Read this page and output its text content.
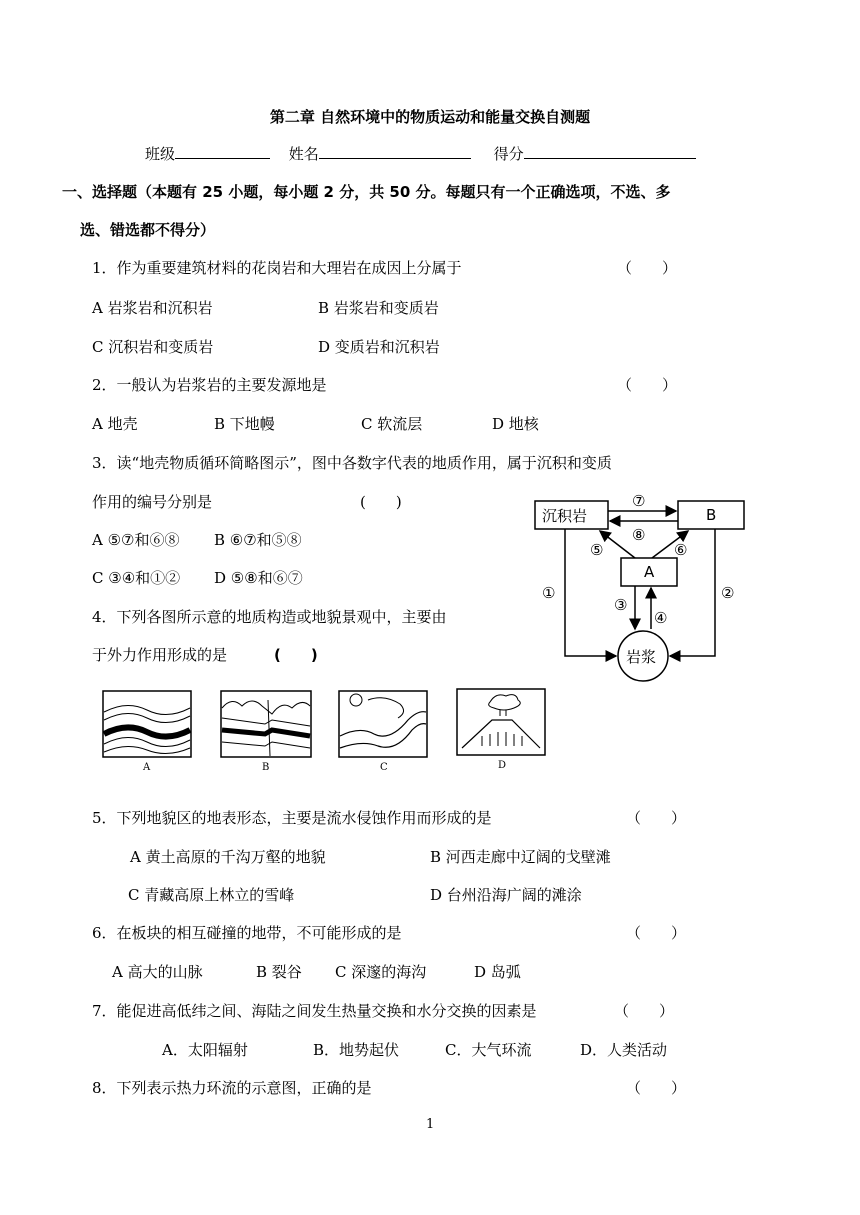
第二章 自然环境中的物质运动和能量交换自测题
班级	姓名	得分
一、选择题（本题有 25 小题，每小题 2 分，共 50 分。每题只有一个正确选项，不选、多
选、错选都不得分）
1．作为重要建筑材料的花岗岩和大理岩在成因上分属于	（　　）
A 岩浆岩和沉积岩	B 岩浆岩和变质岩
C 沉积岩和变质岩	D 变质岩和沉积岩
2．一般认为岩浆岩的主要发源地是	（　　）
A 地壳	B 下地幔	C 软流层	D 地核
3．读“地壳物质循环简略图示”，图中各数字代表的地质作用，属于沉积和变质
作用的编号分别是	(　　)
A ⑤⑦和⑥⑧ B ⑥⑦和⑤⑧
C ③④和①② D ⑤⑧和⑥⑦
沉积岩	B
A
岩浆
⑦
⑧
⑤	⑥
①	②
③
④
4．下列各图所示意的地质构造或地貌景观中，主要由
于外力作用形成的是	(　　)
A	B	C	D
5．下列地貌区的地表形态，主要是流水侵蚀作用而形成的是	（　　）
A 黄土高原的千沟万壑的地貌	B 河西走廊中辽阔的戈壁滩
C 青藏高原上林立的雪峰	D 台州沿海广阔的滩涂
6．在板块的相互碰撞的地带，不可能形成的是	（　　）
A 高大的山脉	B 裂谷 C 深邃的海沟	D 岛弧
7．能促进高低纬之间、海陆之间发生热量交换和水分交换的因素是	（　　）
A．太阳辐射	B．地势起伏	C．大气环流	D．人类活动
8．下列表示热力环流的示意图，正确的是	（　　）
1
